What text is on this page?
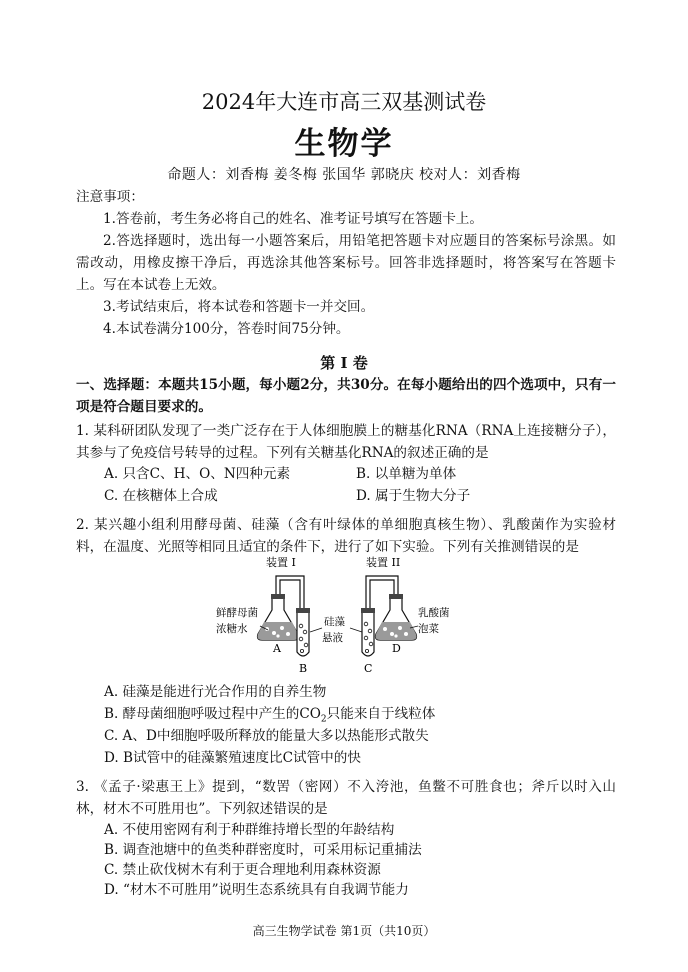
2024年大连市高三双基测试卷
生物学
命题人：刘香梅 姜冬梅 张国华 郭晓庆 校对人：刘香梅
注意事项：
1.答卷前，考生务必将自己的姓名、准考证号填写在答题卡上。
2.答选择题时，选出每一小题答案后，用铅笔把答题卡对应题目的答案标号涂黑。如需改动，用橡皮擦干净后，再选涂其他答案标号。回答非选择题时，将答案写在答题卡上。写在本试卷上无效。
3.考试结束后，将本试卷和答题卡一并交回。
4.本试卷满分100分，答卷时间75分钟。
第 I 卷
一、选择题：本题共15小题，每小题2分，共30分。在每小题给出的四个选项中，只有一项是符合题目要求的。
1. 某科研团队发现了一类广泛存在于人体细胞膜上的糖基化RNA（RNA上连接糖分子），其参与了免疫信号转导的过程。下列有关糖基化RNA的叙述正确的是
A. 只含C、H、O、N四种元素	B. 以单糖为单体
C. 在核糖体上合成	D. 属于生物大分子
2. 某兴趣小组利用酵母菌、硅藻（含有叶绿体的单细胞真核生物）、乳酸菌作为实验材料，在温度、光照等相同且适宜的条件下，进行了如下实验。下列有关推测错误的是
装置 I	装置 II
鲜酵母菌
浓糖水
硅藻
悬液
乳酸菌
泡菜
A
B	C
D
A. 硅藻是能进行光合作用的自养生物
B. 酵母菌细胞呼吸过程中产生的$CO_2$只能来自于线粒体
C. A、D中细胞呼吸所释放的能量大多以热能形式散失
D. B试管中的硅藻繁殖速度比C试管中的快
3. 《孟子·梁惠王上》提到，“数罟（密网）不入洿池，鱼鳖不可胜食也；斧斤以时入山林，材木不可胜用也”。下列叙述错误的是
A. 不使用密网有利于种群维持增长型的年龄结构
B. 调查池塘中的鱼类种群密度时，可采用标记重捕法
C. 禁止砍伐树木有利于更合理地利用森林资源
D. “材木不可胜用”说明生态系统具有自我调节能力
高三生物学试卷 第1页（共10页）
